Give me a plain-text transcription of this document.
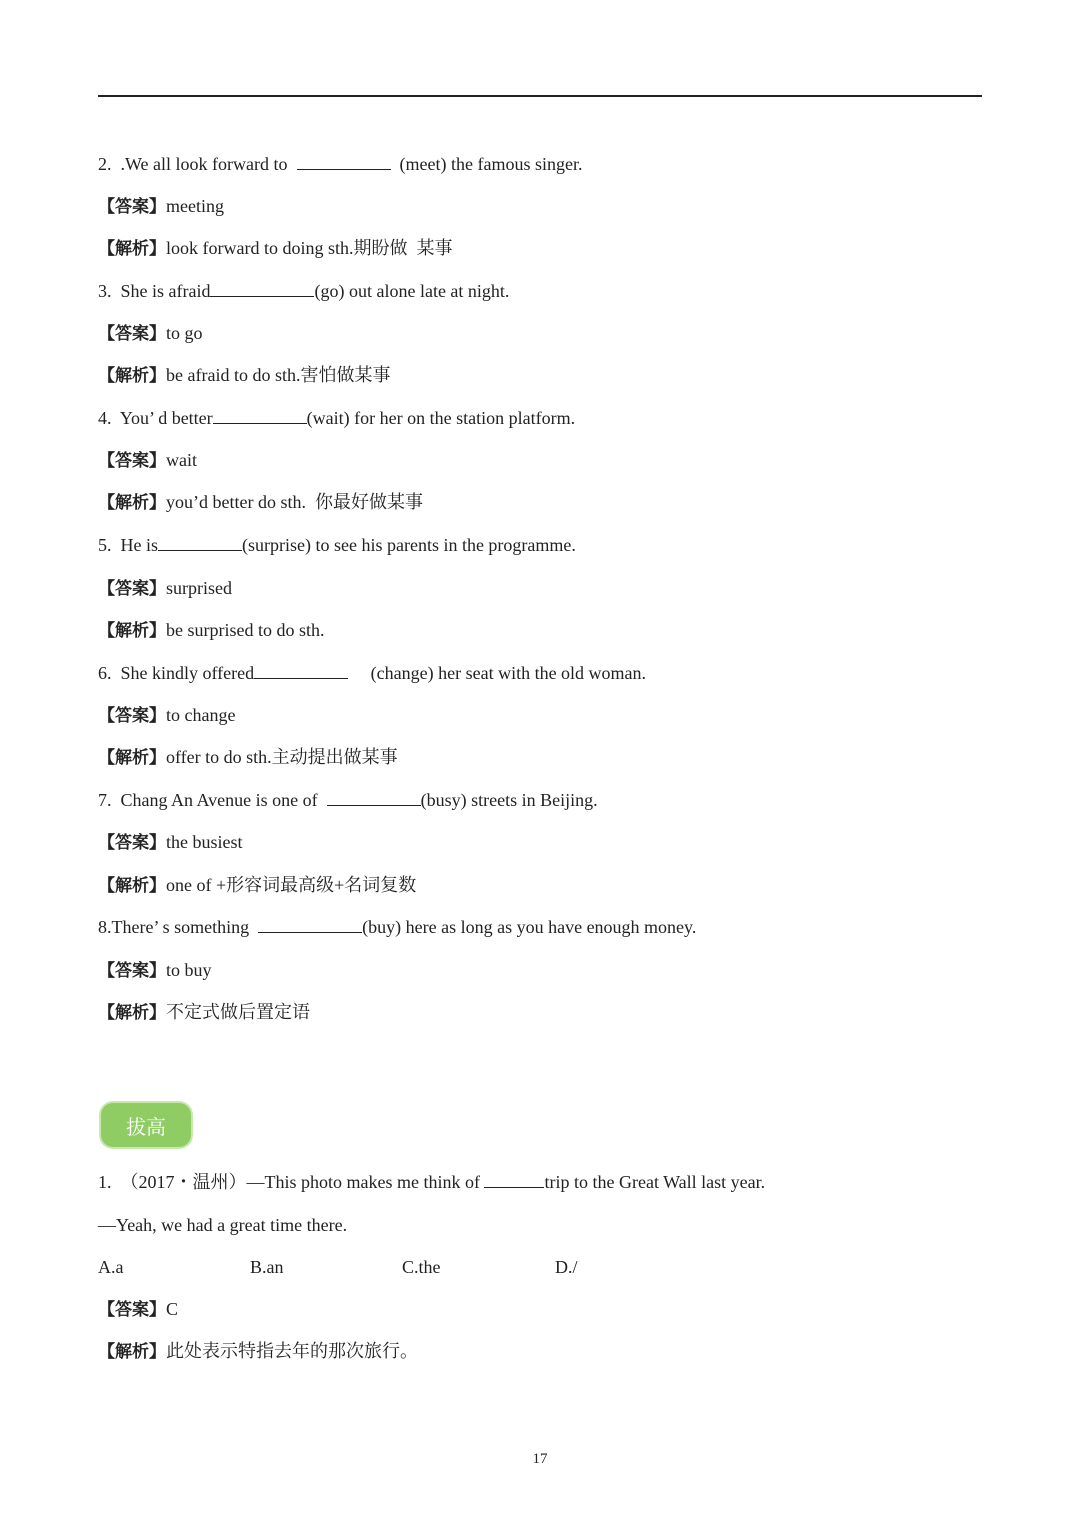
2.  .We all look forward to	(meet) the famous singer.
【答案】meeting
【解析】look forward to doing sth.期盼做  某事
3.  She is afraid	(go) out alone late at night.
【答案】to go
【解析】be afraid to do sth.害怕做某事
4.  You’ d better	(wait) for her on the station platform.
【答案】wait
【解析】you’d better do sth.  你最好做某事
5.  He is	(surprise) to see his parents in the programme.
【答案】surprised
【解析】be surprised to do sth.
6.  She kindly offered	(change) her seat with the old woman.
【答案】to change
【解析】offer to do sth.主动提出做某事
7.  Chang An Avenue is one of	(busy) streets in Beijing.
【答案】the busiest
【解析】one of +形容词最高级+名词复数
8.There’ s something	(buy) here as long as you have enough money.
【答案】to buy
【解析】不定式做后置定语
拔高
1.  （2017・温州）—This photo makes me think of	trip to the Great Wall last year.
—Yeah, we had a great time there.
A.a	B.an	C.the	D./
【答案】C
【解析】此处表示特指去年的那次旅行。
17
